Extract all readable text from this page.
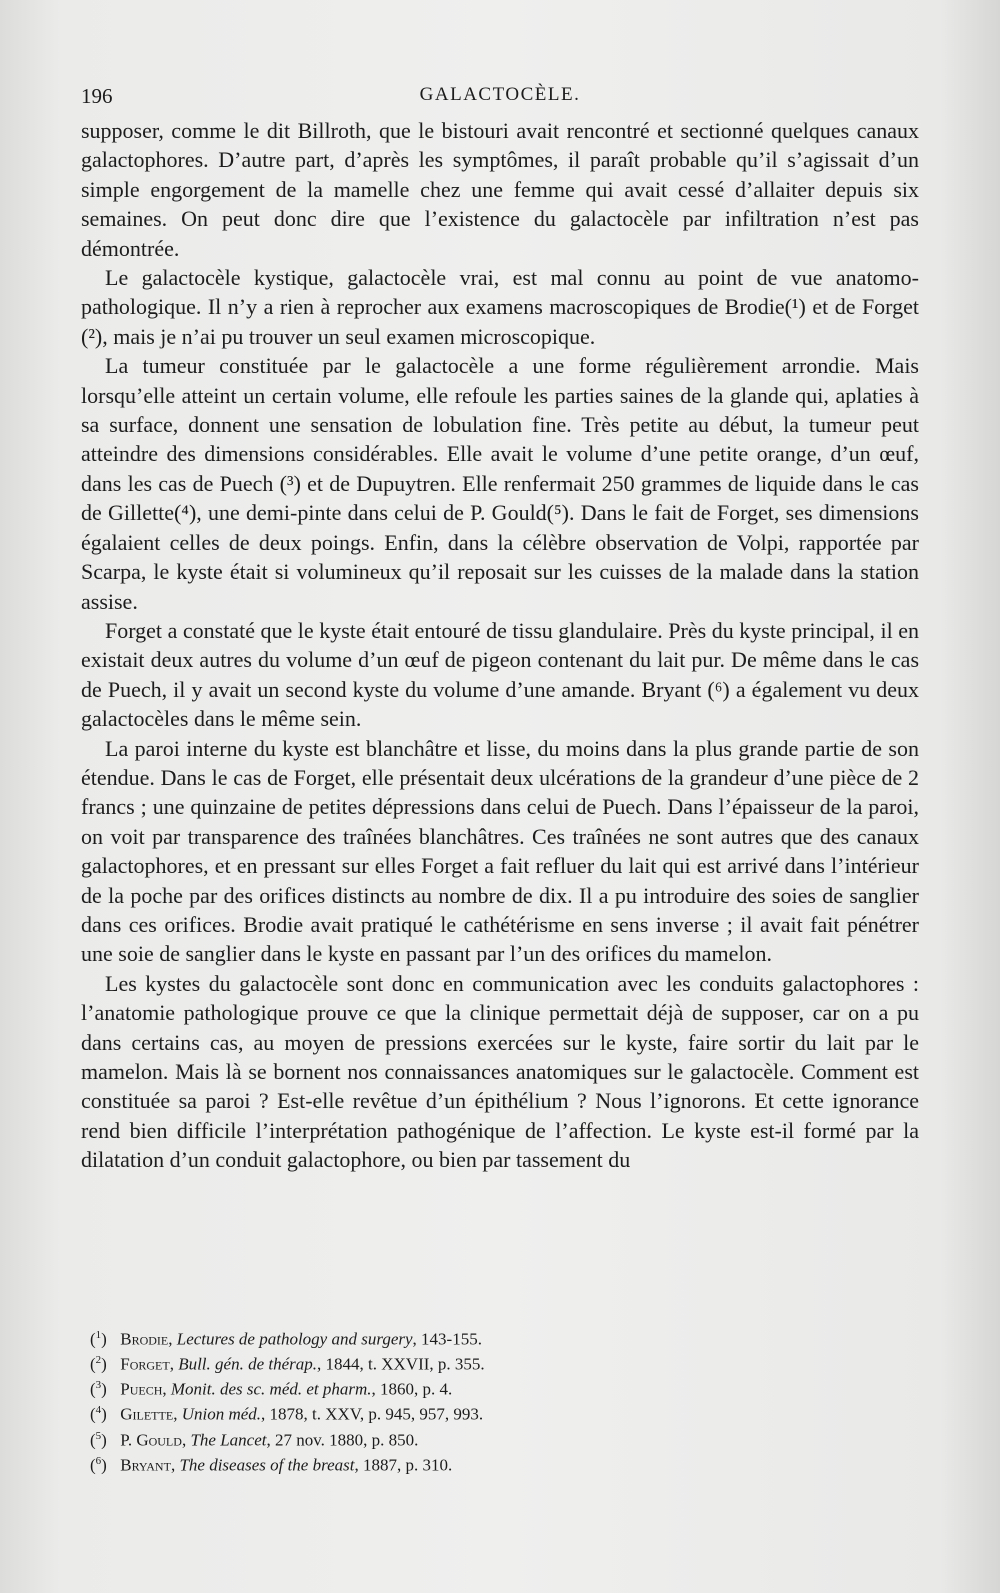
196	GALACTOCÈLE.

supposer, comme le dit Billroth, que le bistouri avait rencontré et sectionné quelques canaux galactophores. D’autre part, d’après les symptômes, il paraît probable qu’il s’agissait d’un simple engorgement de la mamelle chez une femme qui avait cessé d’allaiter depuis six semaines. On peut donc dire que l’existence du galactocèle par infiltration n’est pas démontrée.

Le galactocèle kystique, galactocèle vrai, est mal connu au point de vue anatomo-pathologique. Il n’y a rien à reprocher aux examens macroscopiques de Brodie(¹) et de Forget (²), mais je n’ai pu trouver un seul examen microscopique.

La tumeur constituée par le galactocèle a une forme régulièrement arrondie. Mais lorsqu’elle atteint un certain volume, elle refoule les parties saines de la glande qui, aplaties à sa surface, donnent une sensation de lobulation fine. Très petite au début, la tumeur peut atteindre des dimensions considérables. Elle avait le volume d’une petite orange, d’un œuf, dans les cas de Puech (³) et de Dupuytren. Elle renfermait 250 grammes de liquide dans le cas de Gillette(⁴), une demi-pinte dans celui de P. Gould(⁵). Dans le fait de Forget, ses dimensions égalaient celles de deux poings. Enfin, dans la célèbre observation de Volpi, rapportée par Scarpa, le kyste était si volumineux qu’il reposait sur les cuisses de la malade dans la station assise.

Forget a constaté que le kyste était entouré de tissu glandulaire. Près du kyste principal, il en existait deux autres du volume d’un œuf de pigeon contenant du lait pur. De même dans le cas de Puech, il y avait un second kyste du volume d’une amande. Bryant (⁶) a également vu deux galactocèles dans le même sein.

La paroi interne du kyste est blanchâtre et lisse, du moins dans la plus grande partie de son étendue. Dans le cas de Forget, elle présentait deux ulcérations de la grandeur d’une pièce de 2 francs ; une quinzaine de petites dépressions dans celui de Puech. Dans l’épaisseur de la paroi, on voit par transparence des traînées blanchâtres. Ces traînées ne sont autres que des canaux galactophores, et en pressant sur elles Forget a fait refluer du lait qui est arrivé dans l’intérieur de la poche par des orifices distincts au nombre de dix. Il a pu introduire des soies de sanglier dans ces orifices. Brodie avait pratiqué le cathétérisme en sens inverse ; il avait fait pénétrer une soie de sanglier dans le kyste en passant par l’un des orifices du mamelon.

Les kystes du galactocèle sont donc en communication avec les conduits galactophores : l’anatomie pathologique prouve ce que la clinique permettait déjà de supposer, car on a pu dans certains cas, au moyen de pressions exercées sur le kyste, faire sortir du lait par le mamelon. Mais là se bornent nos connaissances anatomiques sur le galactocèle. Comment est constituée sa paroi ? Est-elle revêtue d’un épithélium ? Nous l’ignorons. Et cette ignorance rend bien difficile l’interprétation pathogénique de l’affection. Le kyste est-il formé par la dilatation d’un conduit galactophore, ou bien par tassement du

($^1$) Brodie, Lectures de pathology and surgery, 143-155.
($^2$) Forget, Bull. gén. de thérap., 1844, t. XXVII, p. 355.
($^3$) Puech, Monit. des sc. méd. et pharm., 1860, p. 4.
($^4$) Gilette, Union méd., 1878, t. XXV, p. 945, 957, 993.
($^5$) P. Gould, The Lancet, 27 nov. 1880, p. 850.
($^6$) Bryant, The diseases of the breast, 1887, p. 310.
